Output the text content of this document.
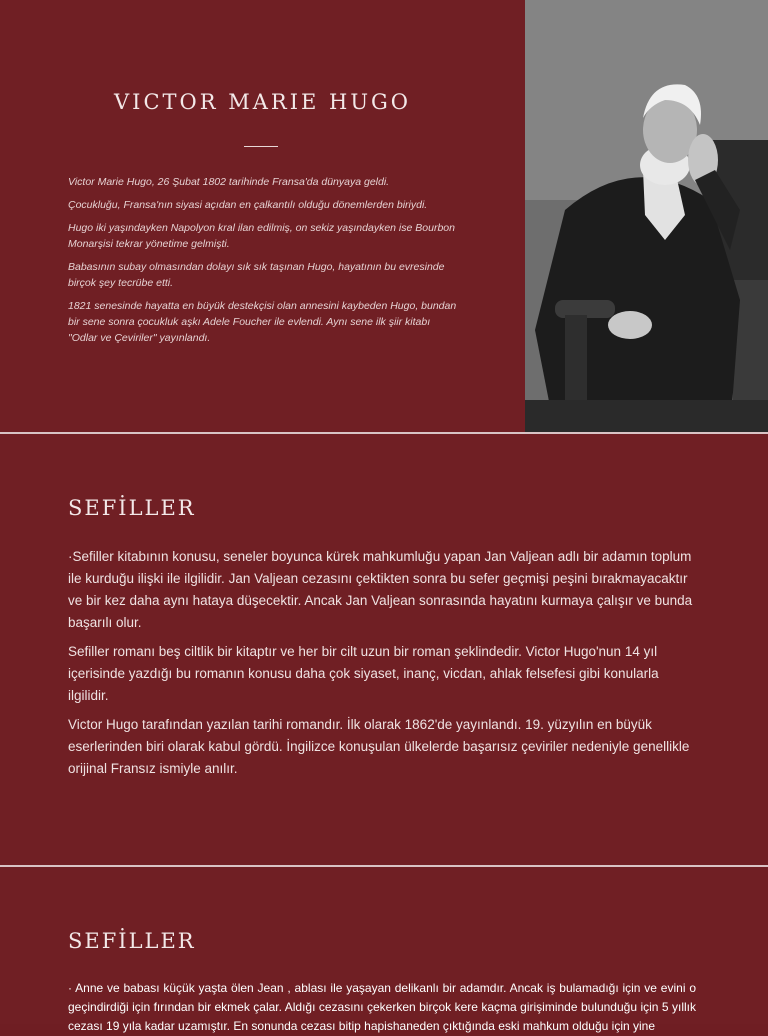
VICTOR MARIE HUGO

Victor Marie Hugo, 26 Şubat 1802 tarihinde Fransa'da dünyaya geldi.

Çocukluğu, Fransa'nın siyasi açıdan en çalkantılı olduğu dönemlerden biriydi.

Hugo iki yaşındayken Napolyon kral ilan edilmiş, on sekiz yaşındayken ise Bourbon Monarşisi tekrar yönetime gelmişti.

Babasının subay olmasından dolayı sık sık taşınan Hugo, hayatının bu evresinde birçok şey tecrübe etti.

1821 senesinde hayatta en büyük destekçisi olan annesini kaybeden Hugo, bundan bir sene sonra çocukluk aşkı Adele Foucher ile evlendi. Aynı sene ilk şiir kitabı "Odlar ve Çeviriler" yayınlandı.

SEFİLLER

·Sefiller kitabının konusu, seneler boyunca kürek mahkumluğu yapan Jan Valjean adlı bir adamın toplum ile kurduğu ilişki ile ilgilidir. Jan Valjean cezasını çektikten sonra bu sefer geçmişi peşini bırakmayacaktır ve bir kez daha aynı hataya düşecektir. Ancak Jan Valjean sonrasında hayatını kurmaya çalışır ve bunda başarılı olur.

Sefiller romanı beş ciltlik bir kitaptır ve her bir cilt uzun bir roman şeklindedir. Victor Hugo'nun 14 yıl içerisinde yazdığı bu romanın konusu daha çok siyaset, inanç, vicdan, ahlak felsefesi gibi konularla ilgilidir.

Victor Hugo tarafından yazılan tarihi romandır. İlk olarak 1862'de yayınlandı. 19. yüzyılın en büyük eserlerinden biri olarak kabul gördü. İngilizce konuşulan ülkelerde başarısız çeviriler nedeniyle genellikle orijinal Fransız ismiyle anılır.

SEFİLLER

· Anne ve babası küçük yaşta ölen Jean , ablası ile yaşayan delikanlı bir adamdır. Ancak iş bulamadığı için ve evini o geçindirdiği için fırından bir ekmek çalar. Aldığı cezasını çekerken birçok kere kaçma girişiminde bulunduğu için 5 yıllık cezası 19 yıla kadar uzamıştır. En sonunda cezası bitip hapishaneden çıktığında eski mahkum olduğu için yine
